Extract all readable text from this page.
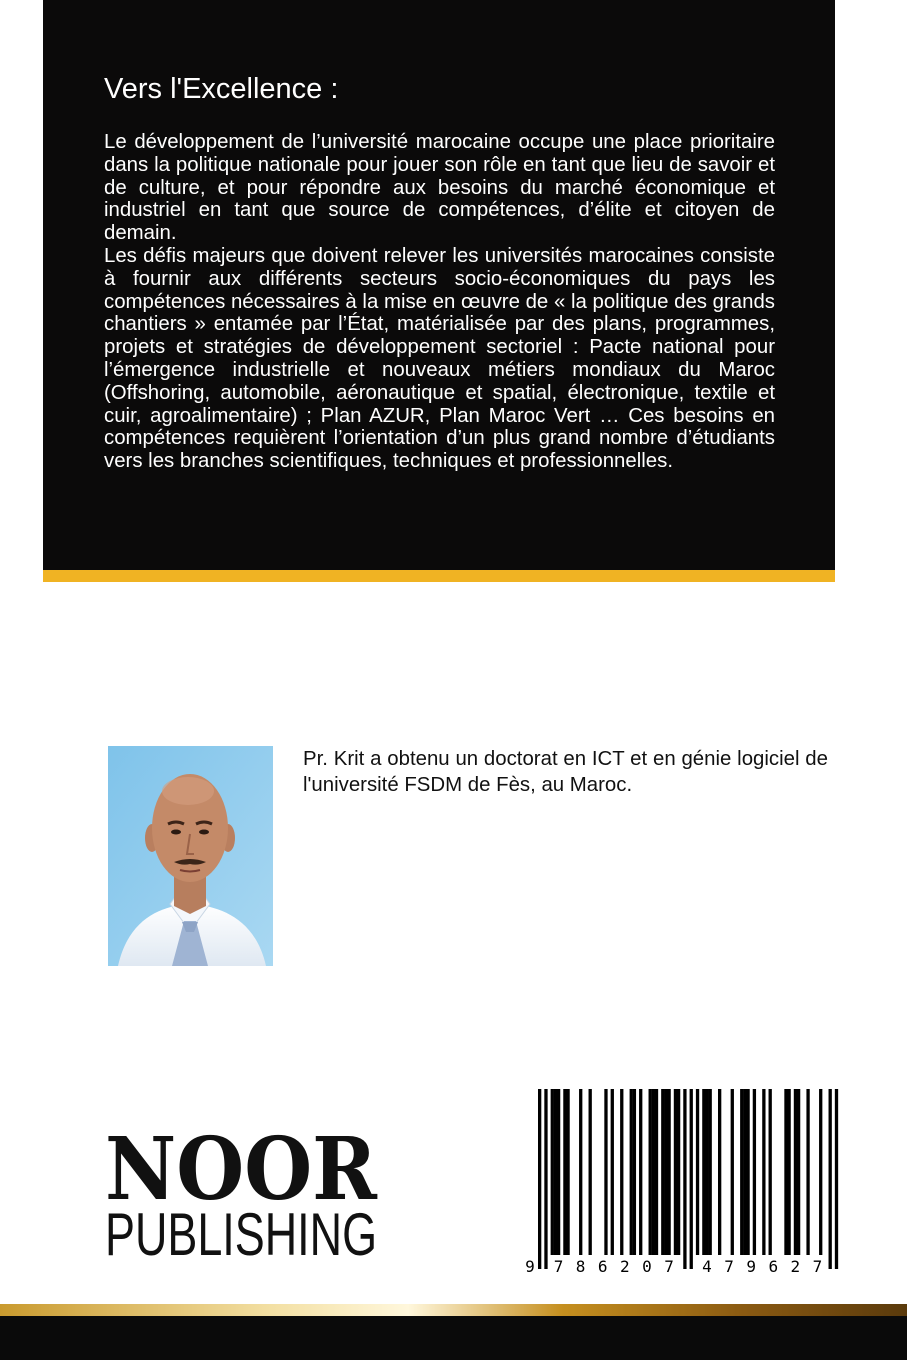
Vers l'Excellence :

Le développement de l’université marocaine occupe une place prioritaire dans la politique nationale pour jouer son rôle en tant que lieu de savoir et de culture, et pour répondre aux besoins du marché économique et industriel en tant que source de compétences, d’élite et citoyen de demain.

Les défis majeurs que doivent relever les universités marocaines consiste à fournir aux différents secteurs socio-économiques du pays les compétences nécessaires à la mise en œuvre de « la politique des grands chantiers » entamée par l’État, matérialisée par des plans, programmes, projets et stratégies de développement sectoriel : Pacte national pour l’émergence industrielle et nouveaux métiers mondiaux du Maroc (Offshoring, automobile, aéronautique et spatial, électronique, textile et cuir, agroalimentaire) ; Plan AZUR, Plan Maroc Vert … Ces besoins en compétences requièrent l’orientation d’un plus grand nombre d’étudiants vers les branches scientifiques, techniques et professionnelles.

Pr. Krit a obtenu un doctorat en ICT et en génie logiciel de l'université FSDM de Fès, au Maroc.

NOOR
PUBLISHING	9 7 8 6 2 0 7 4 7 9 6 2 7
